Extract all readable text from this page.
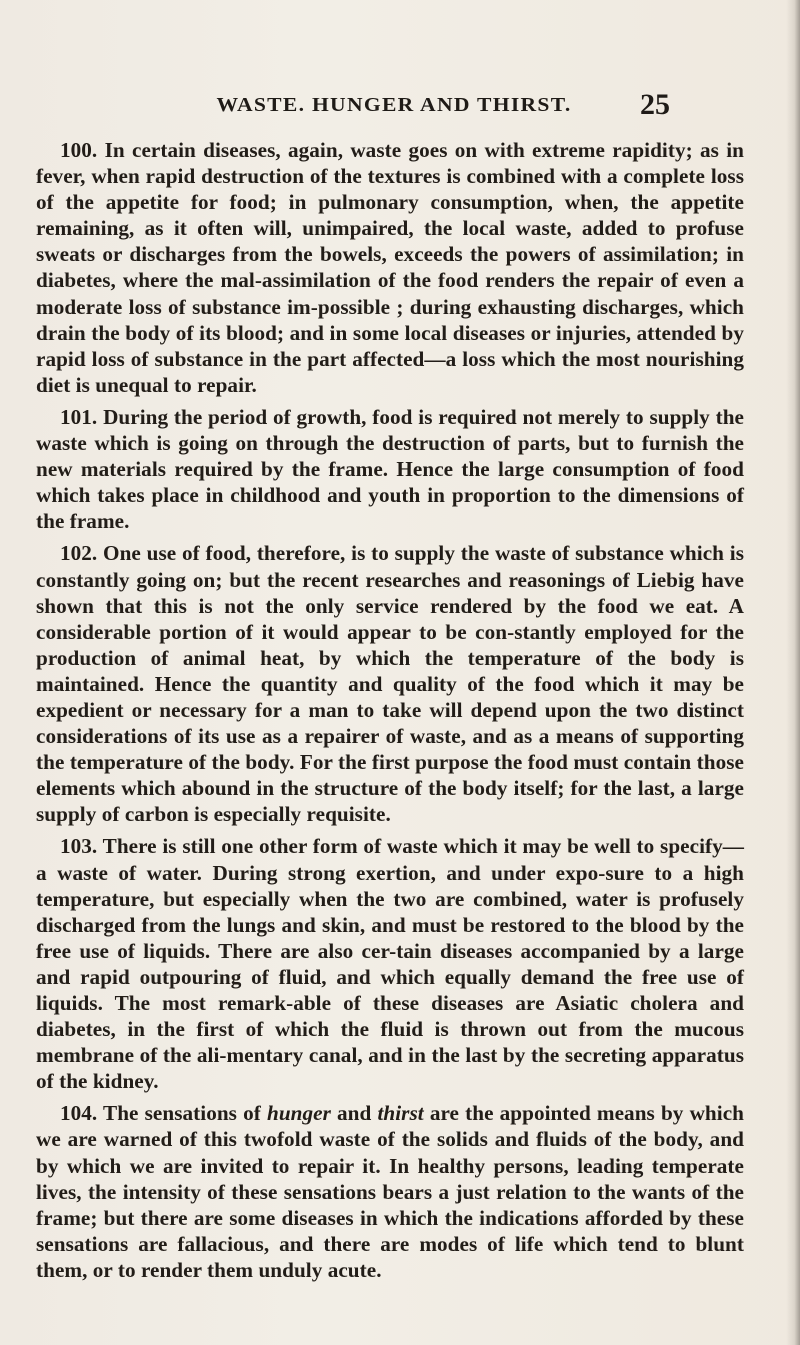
WASTE. HUNGER AND THIRST.	25

100. In certain diseases, again, waste goes on with extreme rapidity; as in fever, when rapid destruction of the textures is combined with a complete loss of the appetite for food; in pulmonary consumption, when, the appetite remaining, as it often will, unimpaired, the local waste, added to profuse sweats or discharges from the bowels, exceeds the powers of assimilation; in diabetes, where the mal-assimilation of the food renders the repair of even a moderate loss of substance im-possible ; during exhausting discharges, which drain the body of its blood; and in some local diseases or injuries, attended by rapid loss of substance in the part affected—a loss which the most nourishing diet is unequal to repair.

101. During the period of growth, food is required not merely to supply the waste which is going on through the destruction of parts, but to furnish the new materials required by the frame. Hence the large consumption of food which takes place in childhood and youth in proportion to the dimensions of the frame.

102. One use of food, therefore, is to supply the waste of substance which is constantly going on; but the recent researches and reasonings of Liebig have shown that this is not the only service rendered by the food we eat. A considerable portion of it would appear to be con-stantly employed for the production of animal heat, by which the temperature of the body is maintained. Hence the quantity and quality of the food which it may be expedient or necessary for a man to take will depend upon the two distinct considerations of its use as a repairer of waste, and as a means of supporting the temperature of the body. For the first purpose the food must contain those elements which abound in the structure of the body itself; for the last, a large supply of carbon is especially requisite.

103. There is still one other form of waste which it may be well to specify—a waste of water. During strong exertion, and under expo-sure to a high temperature, but especially when the two are combined, water is profusely discharged from the lungs and skin, and must be restored to the blood by the free use of liquids. There are also cer-tain diseases accompanied by a large and rapid outpouring of fluid, and which equally demand the free use of liquids. The most remark-able of these diseases are Asiatic cholera and diabetes, in the first of which the fluid is thrown out from the mucous membrane of the ali-mentary canal, and in the last by the secreting apparatus of the kidney.

104. The sensations of hunger and thirst are the appointed means by which we are warned of this twofold waste of the solids and fluids of the body, and by which we are invited to repair it. In healthy persons, leading temperate lives, the intensity of these sensations bears a just relation to the wants of the frame; but there are some diseases in which the indications afforded by these sensations are fallacious, and there are modes of life which tend to blunt them, or to render them unduly acute.
